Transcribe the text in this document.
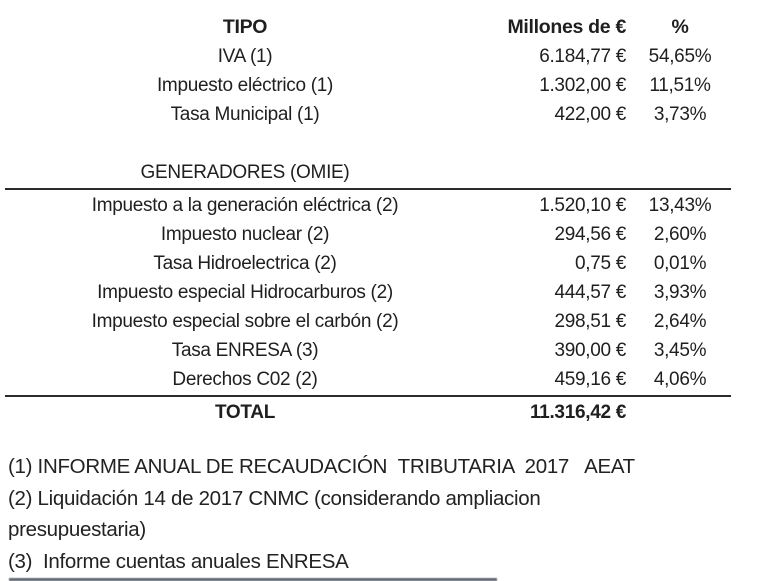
TIPO	Millones de €	%
IVA (1)	6.184,77 €	54,65%
Impuesto eléctrico (1)	1.302,00 €	11,51%
Tasa Municipal (1)	422,00 €	3,73%
GENERADORES (OMIE)
Impuesto a la generación eléctrica (2)	1.520,10 €	13,43%
Impuesto nuclear (2)	294,56 €	2,60%
Tasa Hidroelectrica (2)	0,75 €	0,01%
Impuesto especial Hidrocarburos (2)	444,57 €	3,93%
Impuesto especial sobre el carbón (2)	298,51 €	2,64%
Tasa ENRESA (3)	390,00 €	3,45%
Derechos C02 (2)	459,16 €	4,06%
TOTAL	11.316,42 €
(1) INFORME ANUAL DE RECAUDACIÓN  TRIBUTARIA  2017   AEAT
(2) Liquidación 14 de 2017 CNMC (considerando ampliacion
presupuestaria)
(3)  Informe cuentas anuales ENRESA
